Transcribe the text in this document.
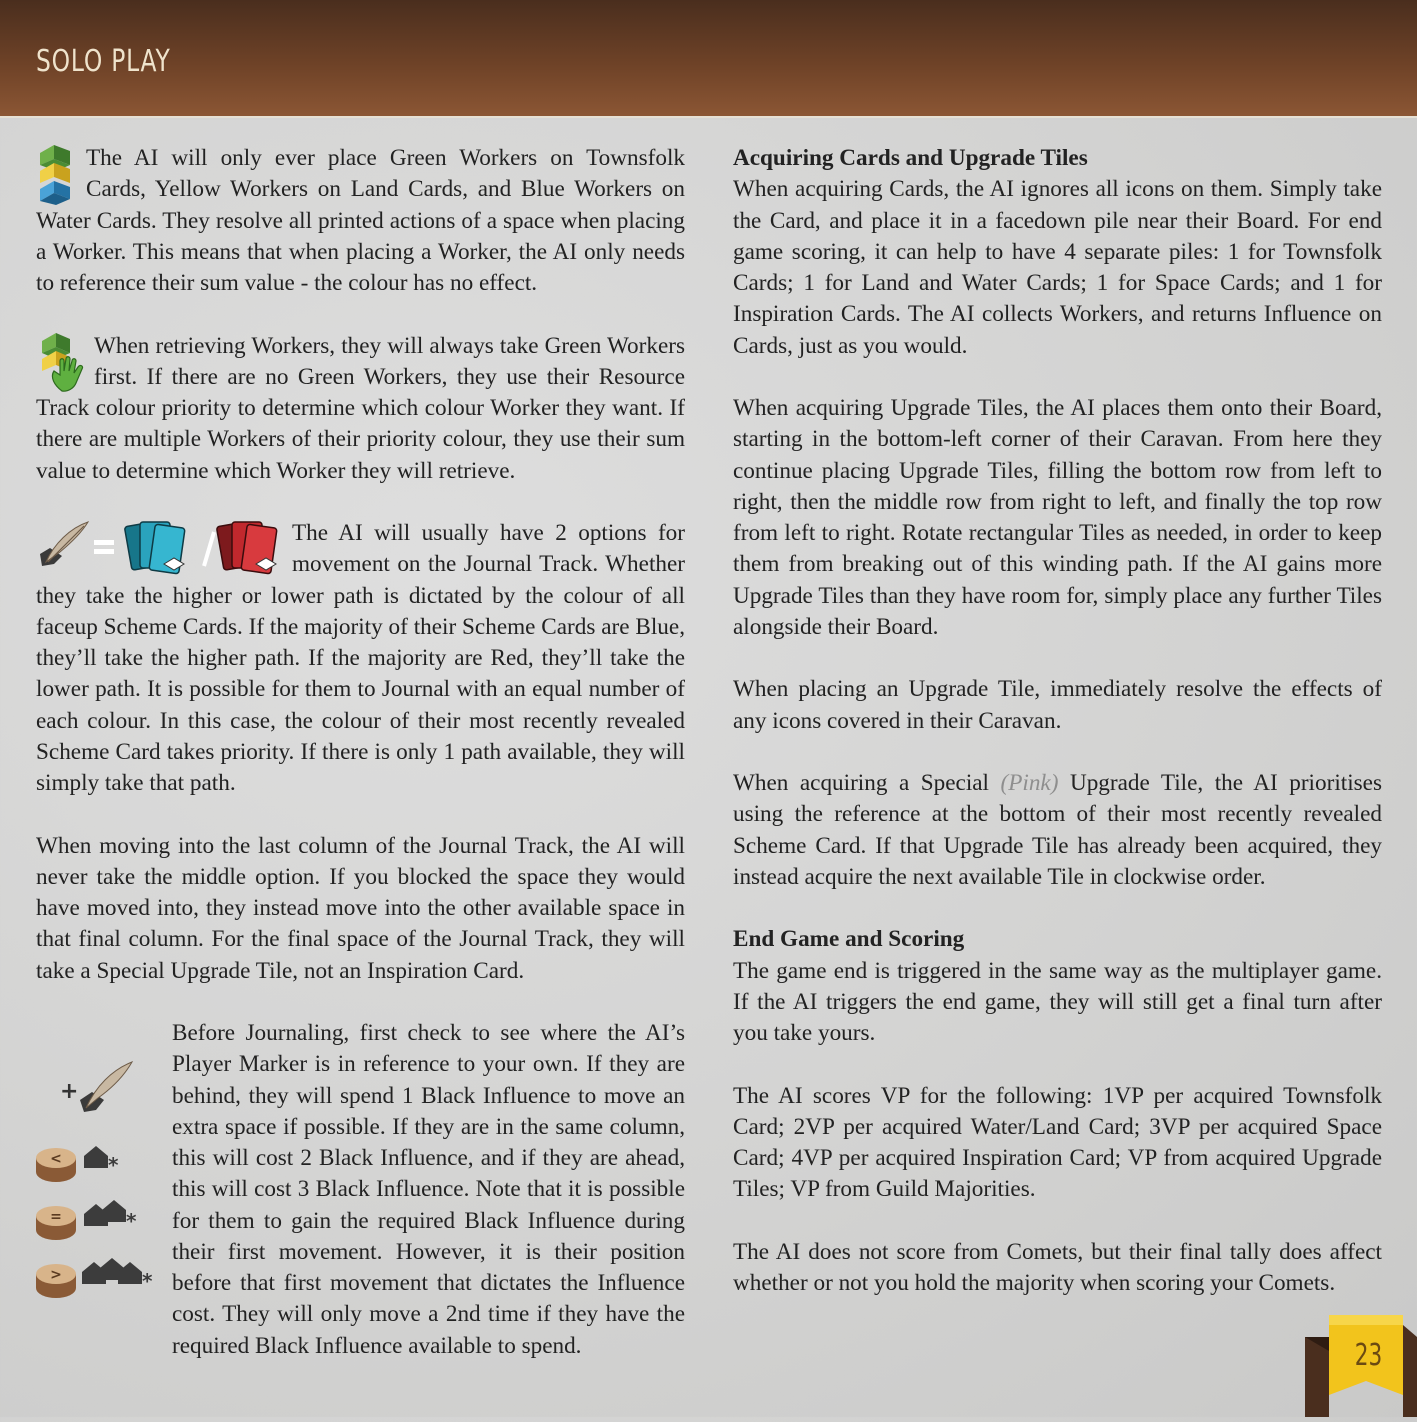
SOLO PLAY

The AI will only ever place Green Workers on Townsfolk Cards, Yellow Workers on Land Cards, and Blue Workers on Water Cards. They resolve all printed actions of a space when placing a Worker. This means that when placing a Worker, the AI only needs to reference their sum value - the colour has no effect.

When retrieving Workers, they will always take Green Workers first. If there are no Green Workers, they use their Resource Track colour priority to determine which colour Worker they want. If there are multiple Workers of their priority colour, they use their sum value to determine which Worker they will retrieve.

The AI will usually have 2 options for movement on the Journal Track. Whether they take the higher or lower path is dictated by the colour of all faceup Scheme Cards. If the majority of their Scheme Cards are Blue, they’ll take the higher path. If the majority are Red, they’ll take the lower path. It is possible for them to Journal with an equal number of each colour. In this case, the colour of their most recently revealed Scheme Card takes priority. If there is only 1 path available, they will simply take that path.

When moving into the last column of the Journal Track, the AI will never take the middle option. If you blocked the space they would have moved into, they instead move into the other available space in that final column. For the final space of the Journal Track, they will take a Special Upgrade Tile, not an Inspiration Card.

+
< *
=	*
>	*

Before Journaling, first check to see where the AI’s Player Marker is in reference to your own. If they are behind, they will spend 1 Black Influence to move an extra space if possible. If they are in the same column, this will cost 2 Black Influence, and if they are ahead, this will cost 3 Black Influence. Note that it is possible for them to gain the required Black Influence during their first movement. However, it is their position before that first movement that dictates the Influence cost. They will only move a 2nd time if they have the required Black Influence available to spend.

Acquiring Cards and Upgrade Tiles

When acquiring Cards, the AI ignores all icons on them. Simply take the Card, and place it in a facedown pile near their Board. For end game scoring, it can help to have 4 separate piles: 1 for Townsfolk Cards; 1 for Land and Water Cards; 1 for Space Cards; and 1 for Inspiration Cards. The AI collects Workers, and returns Influence on Cards, just as you would.

When acquiring Upgrade Tiles, the AI places them onto their Board, starting in the bottom-left corner of their Caravan. From here they continue placing Upgrade Tiles, filling the bottom row from left to right, then the middle row from right to left, and finally the top row from left to right. Rotate rectangular Tiles as needed, in order to keep them from breaking out of this winding path. If the AI gains more Upgrade Tiles than they have room for, simply place any further Tiles alongside their Board.

When placing an Upgrade Tile, immediately resolve the effects of any icons covered in their Caravan.

When acquiring a Special (Pink) Upgrade Tile, the AI prioritises using the reference at the bottom of their most recently revealed Scheme Card. If that Upgrade Tile has already been acquired, they instead acquire the next available Tile in clockwise order.

End Game and Scoring

The game end is triggered in the same way as the multiplayer game. If the AI triggers the end game, they will still get a final turn after you take yours.

The AI scores VP for the following: 1VP per acquired Townsfolk Card; 2VP per acquired Water/Land Card; 3VP per acquired Space Card; 4VP per acquired Inspiration Card; VP from acquired Upgrade Tiles; VP from Guild Majorities.

The AI does not score from Comets, but their final tally does affect whether or not you hold the majority when scoring your Comets.

23
